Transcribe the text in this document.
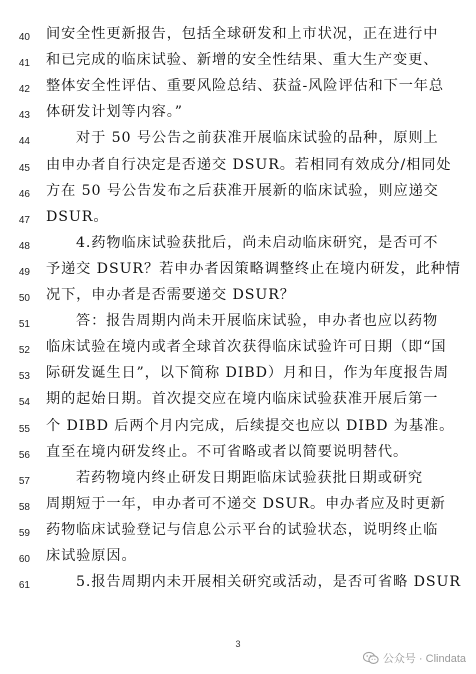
40 间安全性更新报告，包括全球研发和上市状况，正在进行中
41 和已完成的临床试验、新增的安全性结果、重大生产变更、
42 整体安全性评估、重要风险总结、获益-风险评估和下一年总
43 体研发计划等内容。”
44	对于 50 号公告之前获准开展临床试验的品种，原则上
45 由申办者自行决定是否递交 DSUR。若相同有效成分/相同处
46 方在 50 号公告发布之后获准开展新的临床试验，则应递交
47 DSUR。
48	4.药物临床试验获批后，尚未启动临床研究，是否可不
49 予递交 DSUR？若申办者因策略调整终止在境内研发，此种情
50 况下，申办者是否需要递交 DSUR？
51	答：报告周期内尚未开展临床试验，申办者也应以药物
52 临床试验在境内或者全球首次获得临床试验许可日期（即“国
53 际研发诞生日”，以下简称 DIBD）月和日，作为年度报告周
54 期的起始日期。首次提交应在境内临床试验获准开展后第一
55 个 DIBD 后两个月内完成，后续提交也应以 DIBD 为基准。
56 直至在境内研发终止。不可省略或者以简要说明替代。
57	若药物境内终止研发日期距临床试验获批日期或研究
58 周期短于一年，申办者可不递交 DSUR。申办者应及时更新
59 药物临床试验登记与信息公示平台的试验状态，说明终止临
60 床试验原因。
61	5.报告周期内未开展相关研究或活动，是否可省略 DSUR
3
公众号 · Clindata
